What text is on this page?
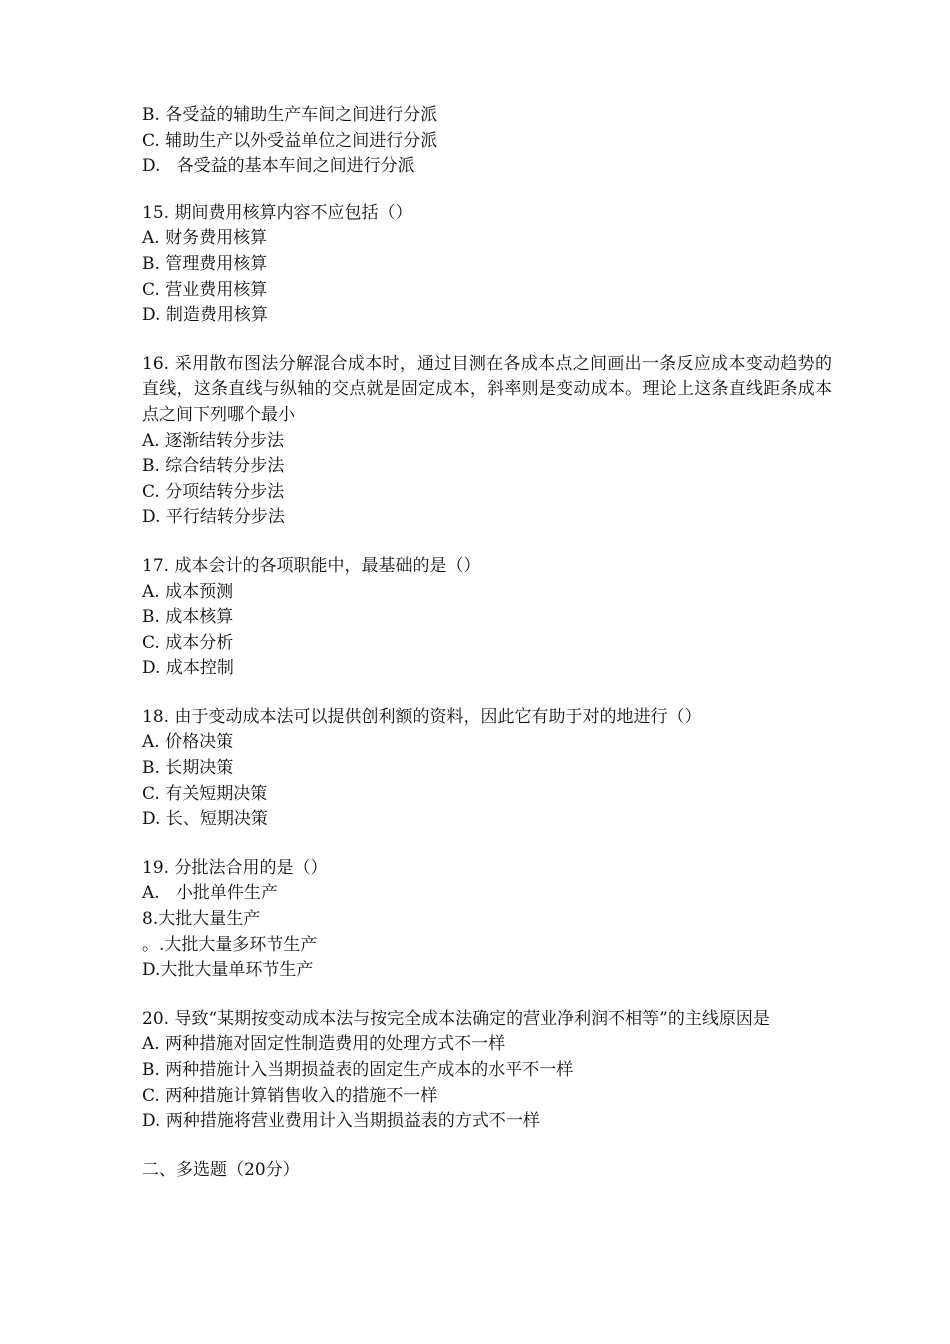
B. 各受益的辅助生产车间之间进行分派

C. 辅助生产以外受益单位之间进行分派

D.   各受益的基本车间之间进行分派

15. 期间费用核算内容不应包括（）

A. 财务费用核算

B. 管理费用核算

C. 营业费用核算

D. 制造费用核算

16. 采用散布图法分解混合成本时，通过目测在各成本点之间画出一条反应成本变动趋势的直线，这条直线与纵轴的交点就是固定成本，斜率则是变动成本。理论上这条直线距条成本点之间下列哪个最小

A. 逐渐结转分步法

B. 综合结转分步法

C. 分项结转分步法

D. 平行结转分步法

17. 成本会计的各项职能中，最基础的是（）

A. 成本预测

B. 成本核算

C. 成本分析

D. 成本控制

18. 由于变动成本法可以提供创利额的资料，因此它有助于对的地进行（）

A. 价格决策

B. 长期决策

C. 有关短期决策

D. 长、短期决策

19. 分批法合用的是（）

A.   小批单件生产

8.大批大量生产

。.大批大量多环节生产

D.大批大量单环节生产

20. 导致“某期按变动成本法与按完全成本法确定的营业净利润不相等”的主线原因是

A. 两种措施对固定性制造费用的处理方式不一样

B. 两种措施计入当期损益表的固定生产成本的水平不一样

C. 两种措施计算销售收入的措施不一样

D. 两种措施将营业费用计入当期损益表的方式不一样

二、多选题（20分）
